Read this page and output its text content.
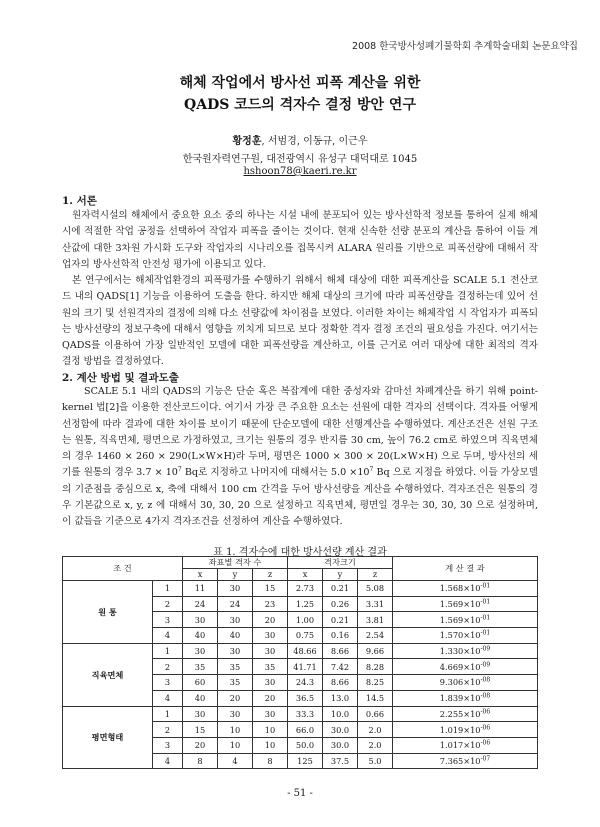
2008 한국방사성폐기물학회 추계학술대회 논문요약집
해체 작업에서 방사선 피폭 계산을 위한
QADS 코드의 격자수 결정 방안 연구
황정훈, 서범경, 이동규, 이근우
한국원자력연구원, 대전광역시 유성구 대덕대로 1045
hshoon78@kaeri.re.kr
1. 서론

원자력시설의 해체에서 중요한 요소 중의 하나는 시설 내에 분포되어 있는 방사선학적 정보를 통하여 실제 해체 시에 적절한 작업 공정을 선택하여 작업자 피폭을 줄이는 것이다. 현재 신속한 선량 분포의 계산을 통하여 이들 계산값에 대한 3차원 가시화 도구와 작업자의 시나리오를 접목시켜 ALARA 원리를 기반으로 피폭선량에 대해서 작업자의 방사선학적 안전성 평가에 이용되고 있다.

본 연구에서는 해체작업환경의 피폭평가를 수행하기 위해서 해체 대상에 대한 피폭계산을 SCALE 5.1 전산코드 내의 QADS[1] 기능을 이용하여 도출을 한다. 하지만 해체 대상의 크기에 따라 피폭선량을 결정하는데 있어 선원의 크기 및 선원격자의 결정에 의해 다소 선량값에 차이점을 보였다. 이러한 차이는 해체작업 시 작업자가 피폭되는 방사선량의 정보구축에 대해서 영향을 끼치게 되므로 보다 정확한 격자 결정 조건의 필요성을 가진다. 여기서는 QADS를 이용하여 가장 일반적인 모델에 대한 피폭선량을 계산하고, 이를 근거로 여러 대상에 대한 최적의 격자 결정 방법을 결정하였다.

2. 계산 방법 및 결과도출

SCALE 5.1 내의 QADS의 기능은 단순 혹은 복잡계에 대한 중성자와 감마선 차폐계산을 하기 위해 point-kernel 법[2]을 이용한 전산코드이다. 여기서 가장 큰 주요한 요소는 선원에 대한 격자의 선택이다. 격자를 어떻게 선정함에 따라 결과에 대한 차이를 보이기 때문에 단순모델에 대한 선행계산을 수행하였다. 계산조건은 선원 구조는 원통, 직육면체, 평면으로 가정하였고, 크기는 원통의 경우 반지름 30 cm, 높이 76.2 cm로 하였으며 직육면체의 경우 1460 × 260 × 290(L×W×H)라 두며, 평면은 1000 × 300 × 20(L×W×H) 으로 두며, 방사선의 세기를 원통의 경우 $3.7 \times 10^7$ Bq로 지정하고 나머지에 대해서는 $5.0 \times 10^7$ Bq 으로 지정을 하였다. 이들 가상모델의 기준점을 중심으로 x, 축에 대해서 100 cm 간격을 두어 방사선량을 계산을 수행하였다. 격자조건은 원통의 경우 기본값으로 x, y, z 에 대해서 30, 30, 20 으로 설정하고 직육면체, 평면일 경우는 30, 30, 30 으로 설정하며, 이 값들을 기준으로 4가지 격자조건을 선정하여 계산을 수행하였다.

표 1. 격자수에 대한 방사선량 계산 결과
조 건		좌표별 격자 수			격자크기			계 산 결 과
		x	y	z	x	y	z	
원 통	1	11	30	15	2.73	0.21	5.08	$1.568\times 10^{-01}$
	2	24	24	23	1.25	0.26	3.31	$1.569\times 10^{-01}$
	3	30	30	20	1.00	0.21	3.81	$1.569\times 10^{-01}$
	4	40	40	30	0.75	0.16	2.54	$1.570\times 10^{-01}$
직육면체	1	30	30	30	48.66	8.66	9.66	$1.330\times 10^{-09}$
	2	35	35	35	41.71	7.42	8.28	$4.669\times 10^{-09}$
	3	60	35	30	24.3	8.66	8.25	$9.306\times 10^{-08}$
	4	40	20	20	36.5	13.0	14.5	$1.839\times 10^{-08}$
평면형태	1	30	30	30	33.3	10.0	0.66	$2.255\times 10^{-06}$
	2	15	10	10	66.0	30.0	2.0	$1.019\times 10^{-06}$
	3	20	10	10	50.0	30.0	2.0	$1.017\times 10^{-06}$
	4	8	4	8	125	37.5	5.0	$7.365\times 10^{-07}$
- 51 -
